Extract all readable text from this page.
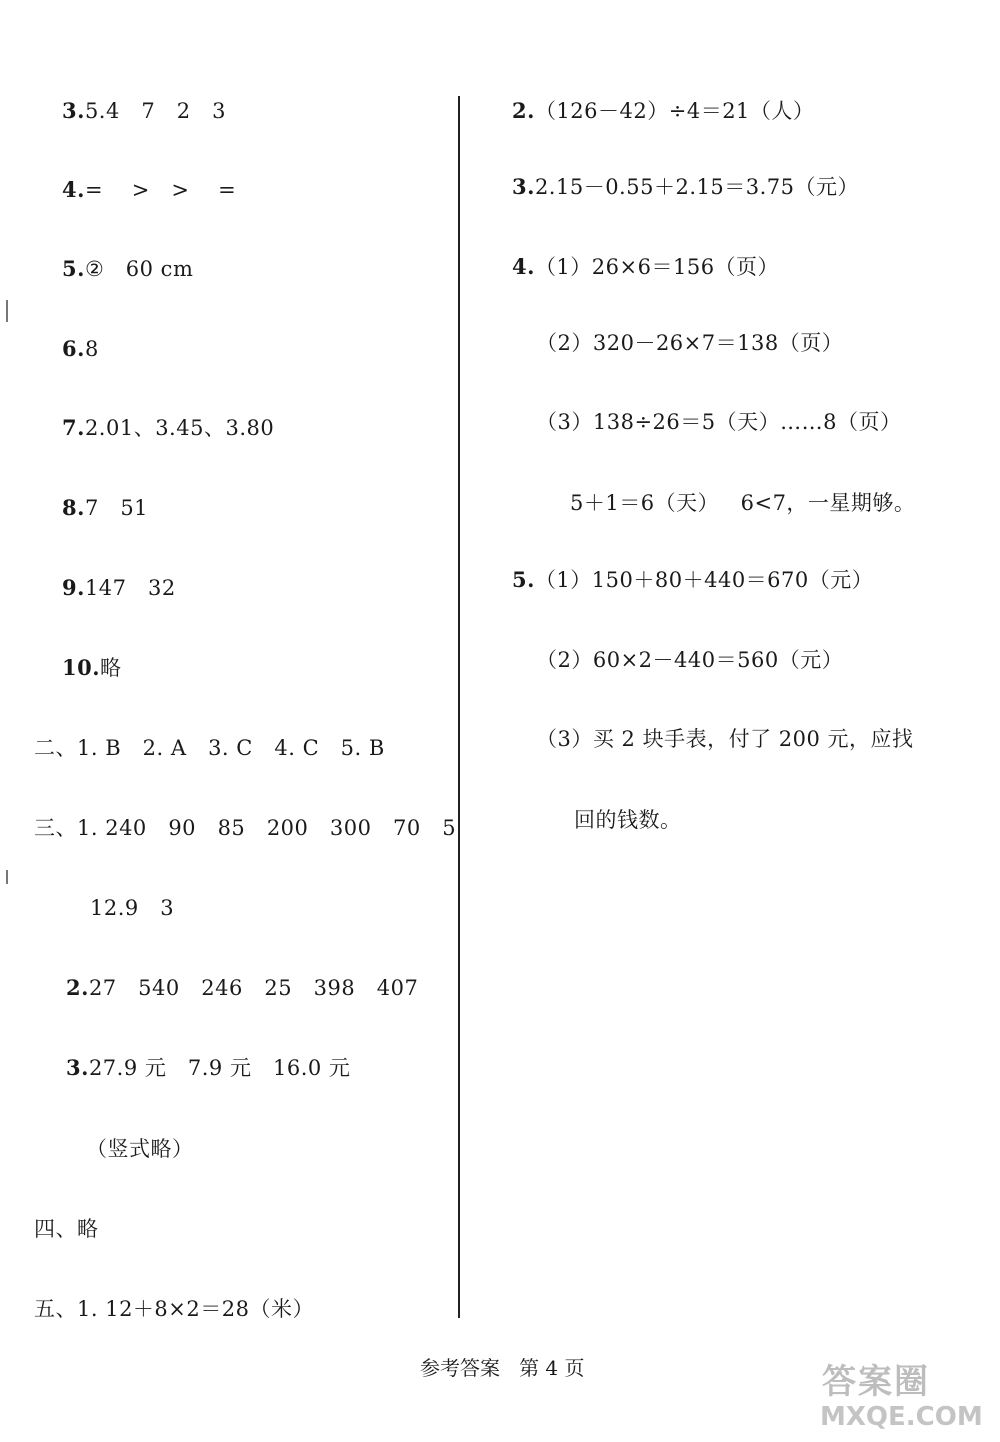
3.5.4   7   2   3
4.=    >   >    =
5.②   60 cm
6.8
7.2.01、3.45、3.80
8.7   51
9.147   32
10.略
二、1. B   2. A   3. C   4. C   5. B
三、1. 240   90   85   200   300   70   5
12.9   3
2.27   540   246   25   398   407
3.27.9 元   7.9 元   16.0 元
（竖式略）
四、略
五、1. 12＋8×2＝28（米）
2.（126－42）÷4＝21（人）
3.2.15－0.55＋2.15＝3.75（元）
4.（1）26×6＝156（页）
（2）320－26×7＝138（页）
（3）138÷26＝5（天）……8（页）
5＋1＝6（天）   6<7，一星期够。
5.（1）150＋80＋440＝670（元）
（2）60×2－440＝560（元）
（3）买 2 块手表，付了 200 元，应找
回的钱数。
参考答案   第 4 页	答案圈
MXQE.COM
